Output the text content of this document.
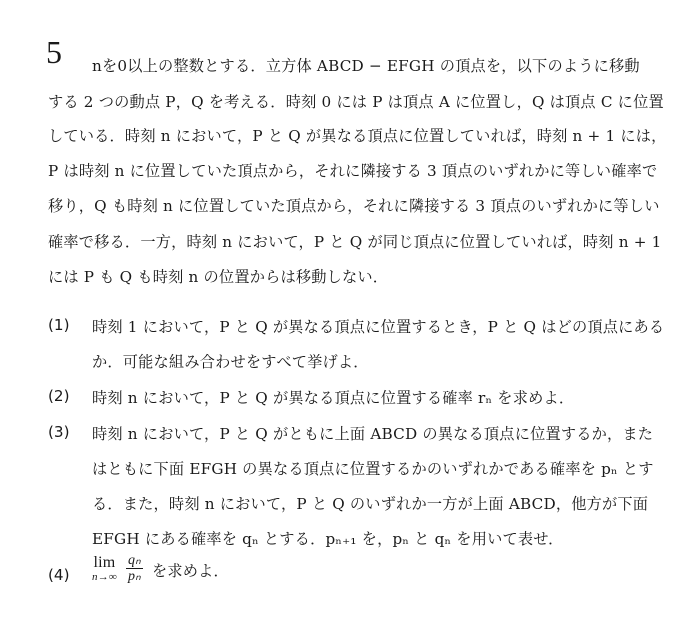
5 nを0以上の整数とする．立方体 ABCD − EFGH の頂点を，以下のように移動
する 2 つの動点 P，Q を考える．時刻 0 には P は頂点 A に位置し，Q は頂点 C に位置
している．時刻 n において，P と Q が異なる頂点に位置していれば，時刻 n + 1 には，
P は時刻 n に位置していた頂点から，それに隣接する 3 頂点のいずれかに等しい確率で
移り，Q も時刻 n に位置していた頂点から，それに隣接する 3 頂点のいずれかに等しい
確率で移る．一方，時刻 n において，P と Q が同じ頂点に位置していれば，時刻 n + 1
には P も Q も時刻 n の位置からは移動しない．
(1) 時刻 1 において，P と Q が異なる頂点に位置するとき，P と Q はどの頂点にある
か．可能な組み合わせをすべて挙げよ．
(2) 時刻 n において，P と Q が異なる頂点に位置する確率 rₙ を求めよ．
(3) 時刻 n において，P と Q がともに上面 ABCD の異なる頂点に位置するか，また
はともに下面 EFGH の異なる頂点に位置するかのいずれかである確率を pₙ とす
る．また，時刻 n において，P と Q のいずれか一方が上面 ABCD，他方が下面
EFGH にある確率を qₙ とする．pₙ₊₁ を，pₙ と qₙ を用いて表せ．
(4)
lim
n→∞
$\frac{\text{qₙ}}{\text{pₙ}}$ を求めよ．
